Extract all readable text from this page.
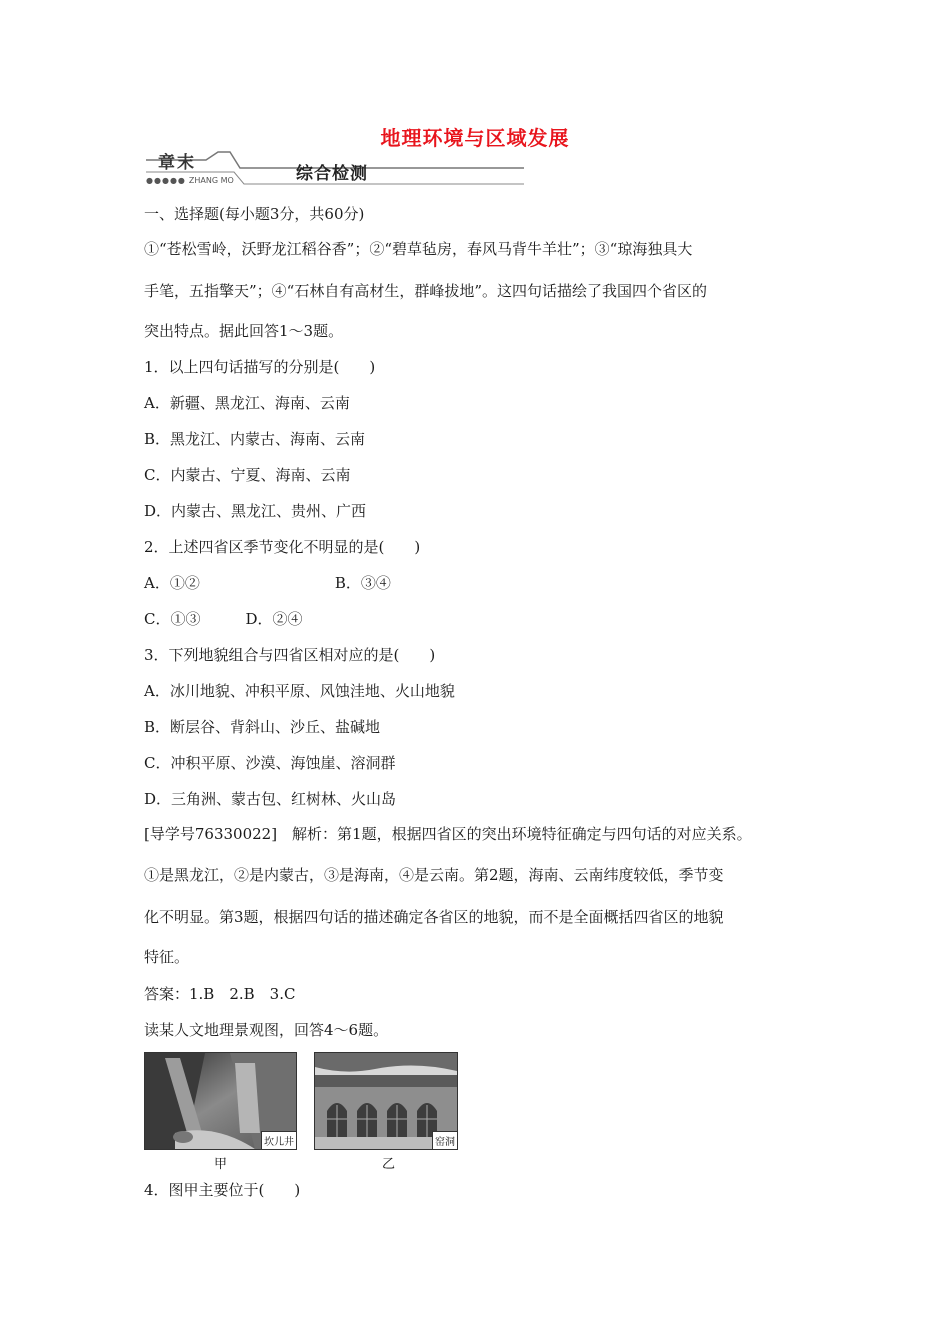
地理环境与区域发展
章末
●●●●● ZHANG MO	综合检测
一、选择题(每小题3分，共60分)
①“苍松雪岭，沃野龙江稻谷香”；②“碧草毡房，春风马背牛羊壮”；③“琼海独具大
手笔，五指擎天”；④“石林自有高材生，群峰拔地”。这四句话描绘了我国四个省区的
突出特点。据此回答1～3题。
1．以上四句话描写的分别是(　　)
A．新疆、黑龙江、海南、云南
B．黑龙江、内蒙古、海南、云南
C．内蒙古、宁夏、海南、云南
D．内蒙古、黑龙江、贵州、广西
2．上述四省区季节变化不明显的是(　　)
A．①②　　　　　　　　　B．③④
C．①③　　　D．②④
3．下列地貌组合与四省区相对应的是(　　)
A．冰川地貌、冲积平原、风蚀洼地、火山地貌
B．断层谷、背斜山、沙丘、盐碱地
C．冲积平原、沙漠、海蚀崖、溶洞群
D．三角洲、蒙古包、红树林、火山岛
[导学号76330022]　解析：第1题，根据四省区的突出环境特征确定与四句话的对应关系。
①是黑龙江，②是内蒙古，③是海南，④是云南。第2题，海南、云南纬度较低，季节变
化不明显。第3题，根据四句话的描述确定各省区的地貌，而不是全面概括四省区的地貌
特征。
答案：1.B　2.B　3.C
读某人文地理景观图，回答4～6题。
坎儿井
甲
窑洞
乙
4．图甲主要位于(　　)
